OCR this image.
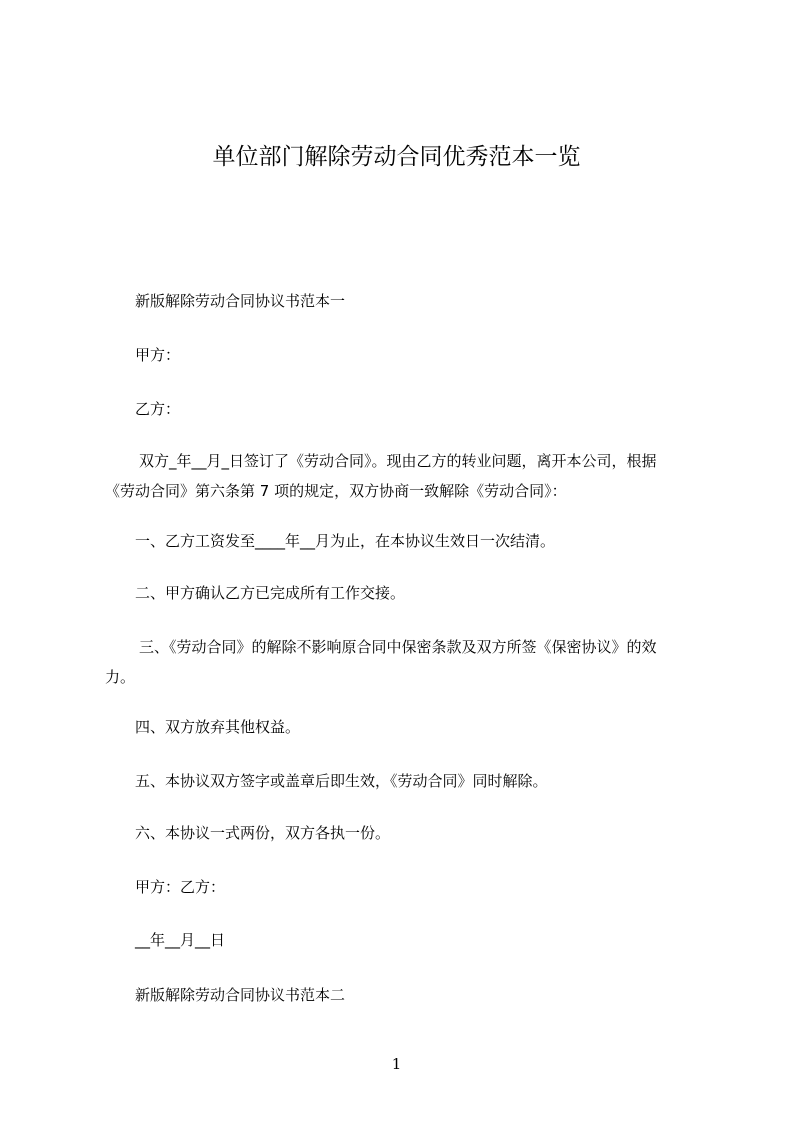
单位部门解除劳动合同优秀范本一览
新版解除劳动合同协议书范本一
甲方：
乙方：
双方_年__月_日签订了《劳动合同》。现由乙方的转业问题，离开本公司，根据
《劳动合同》第六条第 7 项的规定，双方协商一致解除《劳动合同》：
一、乙方工资发至____年__月为止，在本协议生效日一次结清。
二、甲方确认乙方已完成所有工作交接。
三、《劳动合同》的解除不影响原合同中保密条款及双方所签《保密协议》的效
力。
四、双方放弃其他权益。
五、本协议双方签字或盖章后即生效，《劳动合同》同时解除。
六、本协议一式两份，双方各执一份。
甲方：乙方：
__年__月__日
新版解除劳动合同协议书范本二
1
